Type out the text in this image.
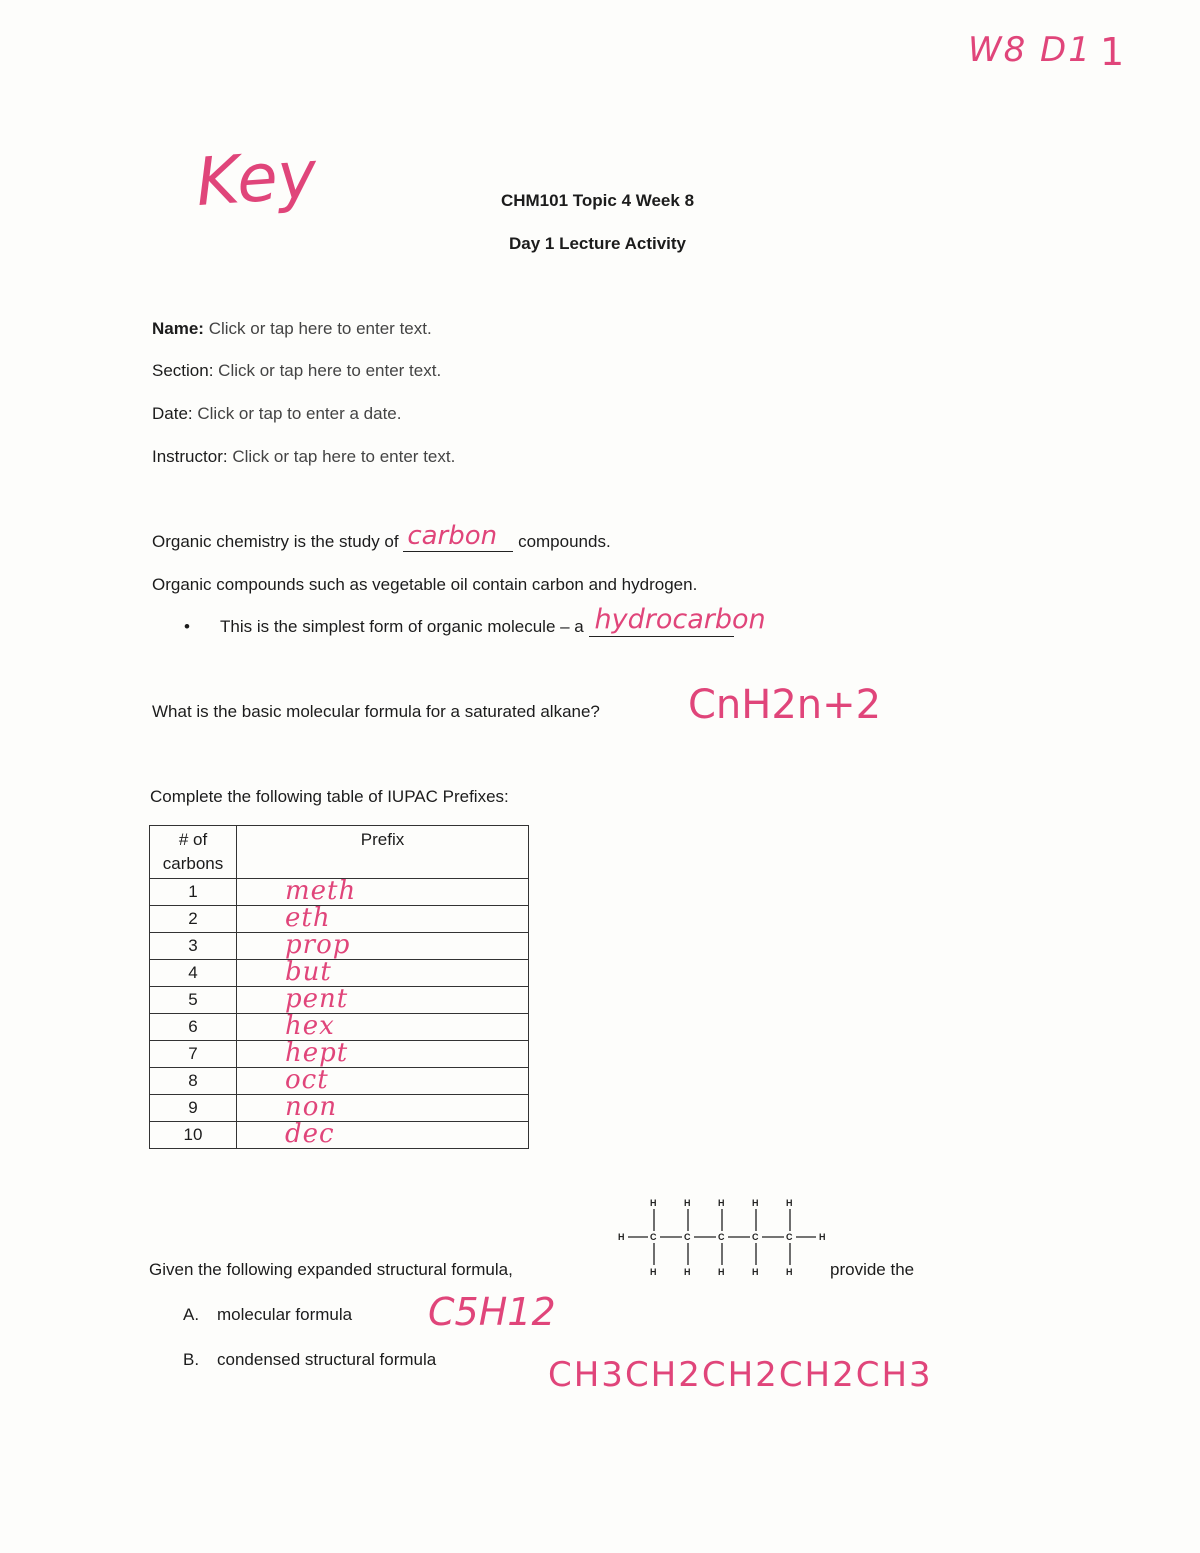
W8 D1 1
Key	CHM101 Topic 4 Week 8
Day 1 Lecture Activity
Name: Click or tap here to enter text.
Section: Click or tap here to enter text.
Date: Click or tap to enter a date.
Instructor: Click or tap here to enter text.
Organic chemistry is the study of carbon compounds.
Organic compounds such as vegetable oil contain carbon and hydrogen.
• This is the simplest form of organic molecule – a hydrocarbon
What is the basic molecular formula for a saturated alkane? CnH2n+2
Complete the following table of IUPAC Prefixes:
# of carbons	Prefix
1	meth
2	eth
3	prop
4	but
5	pent
6	hex
7	hept
8	oct
9	non
10	dec
Given the following expanded structural formula,	provide the
H	H
C	C	C	C	C
H	H	H	H	H
H	H	H	H	H
A. molecular formula C5H12
B. condensed structural formula	CH3CH2CH2CH2CH3
